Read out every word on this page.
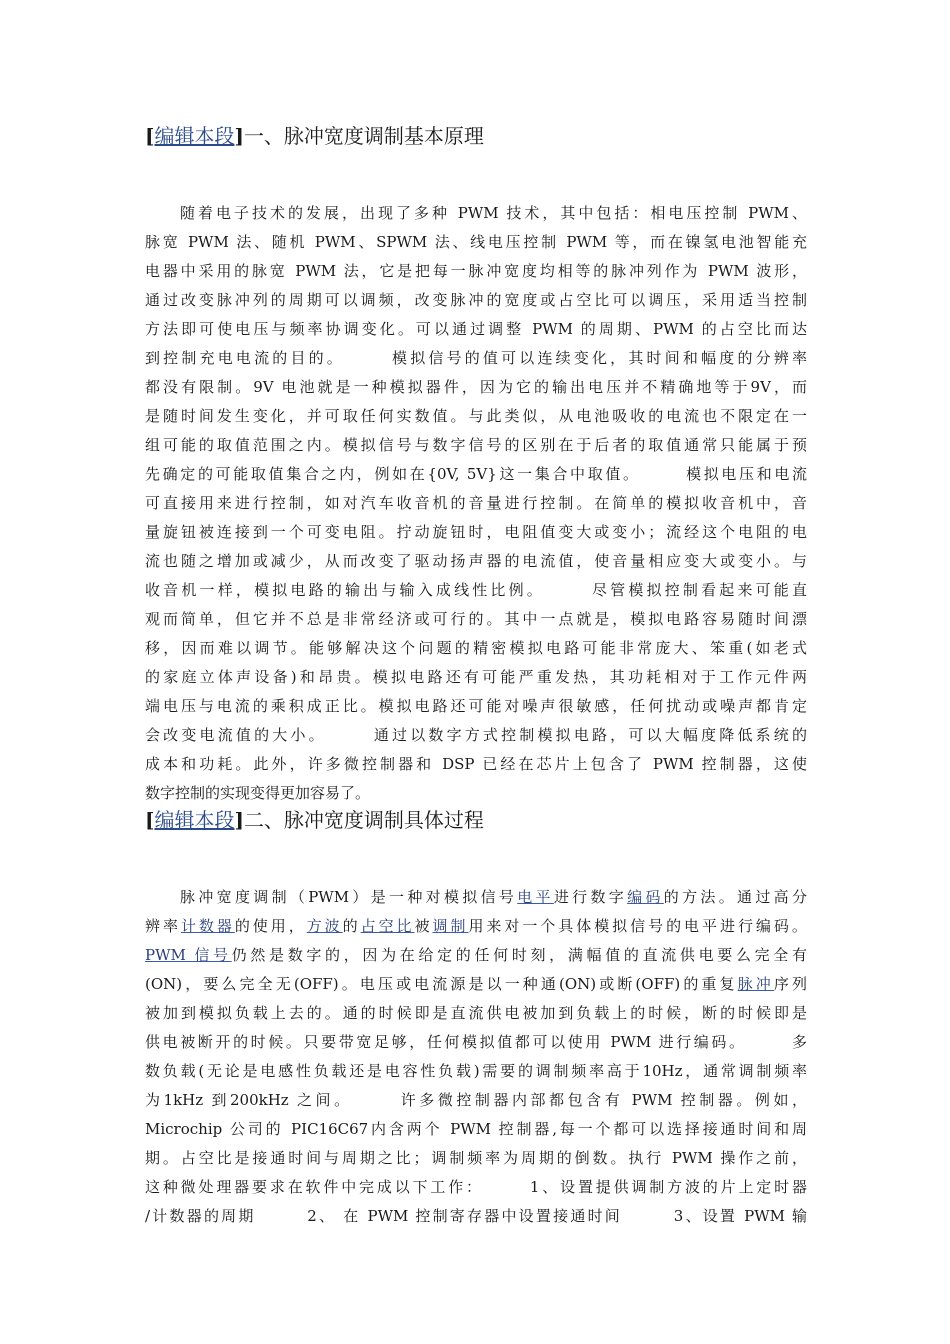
[编辑本段]一、脉冲宽度调制基本原理
随着电子技术的发展，出现了多种 PWM 技术，其中包括：相电压控制 PWM、
脉宽 PWM 法、随机 PWM、SPWM 法、线电压控制 PWM 等，而在镍氢电池智能充
电器中采用的脉宽 PWM 法，它是把每一脉冲宽度均相等的脉冲列作为 PWM 波形，
通过改变脉冲列的周期可以调频，改变脉冲的宽度或占空比可以调压，采用适当控制
方法即可使电压与频率协调变化。可以通过调整 PWM 的周期、PWM 的占空比而达
到控制充电电流的目的。　　　模拟信号的值可以连续变化，其时间和幅度的分辨率
都没有限制。9V 电池就是一种模拟器件，因为它的输出电压并不精确地等于9V，而
是随时间发生变化，并可取任何实数值。与此类似，从电池吸收的电流也不限定在一
组可能的取值范围之内。模拟信号与数字信号的区别在于后者的取值通常只能属于预
先确定的可能取值集合之内，例如在{0V, 5V}这一集合中取值。　　　模拟电压和电流
可直接用来进行控制，如对汽车收音机的音量进行控制。在简单的模拟收音机中，音
量旋钮被连接到一个可变电阻。拧动旋钮时，电阻值变大或变小；流经这个电阻的电
流也随之增加或减少，从而改变了驱动扬声器的电流值，使音量相应变大或变小。与
收音机一样，模拟电路的输出与输入成线性比例。　　　尽管模拟控制看起来可能直
观而简单，但它并不总是非常经济或可行的。其中一点就是，模拟电路容易随时间漂
移，因而难以调节。能够解决这个问题的精密模拟电路可能非常庞大、笨重(如老式
的家庭立体声设备)和昂贵。模拟电路还有可能严重发热，其功耗相对于工作元件两
端电压与电流的乘积成正比。模拟电路还可能对噪声很敏感，任何扰动或噪声都肯定
会改变电流值的大小。　　　通过以数字方式控制模拟电路，可以大幅度降低系统的
成本和功耗。此外，许多微控制器和 DSP 已经在芯片上包含了 PWM 控制器，这使
数字控制的实现变得更加容易了。
[编辑本段]二、脉冲宽度调制具体过程
脉冲宽度调制（PWM）是一种对模拟信号电平进行数字编码的方法。通过高分
辨率计数器的使用，方波的占空比被调制用来对一个具体模拟信号的电平进行编码。
PWM 信号仍然是数字的，因为在给定的任何时刻，满幅值的直流供电要么完全有
(ON)，要么完全无(OFF)。电压或电流源是以一种通(ON)或断(OFF)的重复脉冲序列
被加到模拟负载上去的。通的时候即是直流供电被加到负载上的时候，断的时候即是
供电被断开的时候。只要带宽足够，任何模拟值都可以使用 PWM 进行编码。　　　多
数负载(无论是电感性负载还是电容性负载)需要的调制频率高于10Hz，通常调制频率
为1kHz 到200kHz 之间。　　　许多微控制器内部都包含有 PWM 控制器。例如，
Microchip 公司的 PIC16C67内含两个 PWM 控制器,每一个都可以选择接通时间和周
期。占空比是接通时间与周期之比；调制频率为周期的倒数。执行 PWM 操作之前，
这种微处理器要求在软件中完成以下工作：　　　1、设置提供调制方波的片上定时器
/计数器的周期　　　2、 在 PWM 控制寄存器中设置接通时间　　　3、设置 PWM 输
